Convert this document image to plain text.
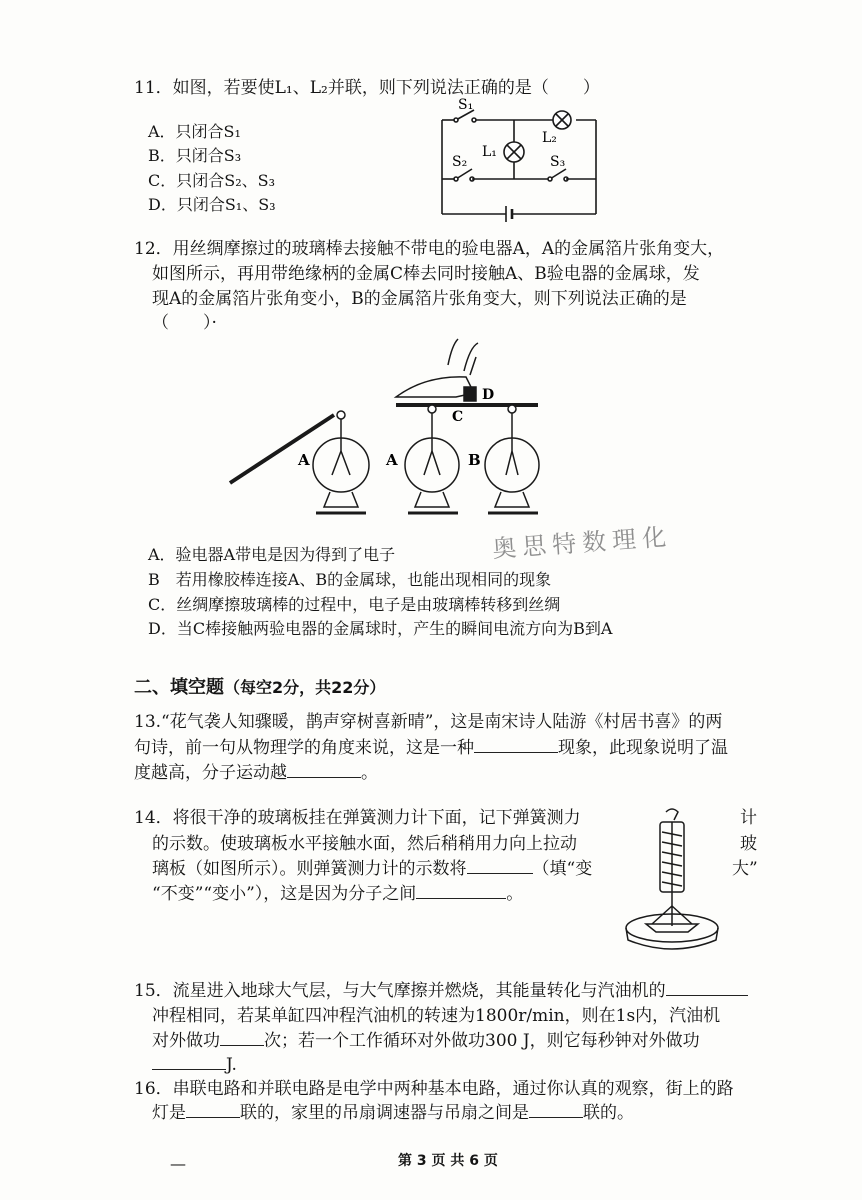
11．如图，若要使L₁、L₂并联，则下列说法正确的是（　　）
A．只闭合S₁
B．只闭合S₃
C．只闭合S₂、S₃
D．只闭合S₁、S₃
S₁
S₂	S₃
L₁
L₂
12．用丝绸摩擦过的玻璃棒去接触不带电的验电器A，A的金属箔片张角变大，
如图所示，再用带绝缘柄的金属C棒去同时接触A、B验电器的金属球，发
现A的金属箔片张角变小，B的金属箔片张角变大，则下列说法正确的是
（　　）·
A	A	B
C
D
奥思特数理化
A．验电器A带电是因为得到了电子
B　若用橡胶棒连接A、B的金属球，也能出现相同的现象
C．丝绸摩擦玻璃棒的过程中，电子是由玻璃棒转移到丝绸
D．当C棒接触两验电器的金属球时，产生的瞬间电流方向为B到A
二、填空题（每空2分，共22分）
13.“花气袭人知骤暖，鹊声穿树喜新晴”，这是南宋诗人陆游《村居书喜》的两
句诗，前一句从物理学的角度来说，这是一种	现象，此现象说明了温
度越高，分子运动越	。
14．将很干净的玻璃板挂在弹簧测力计下面，记下弹簧测力	计
的示数。使玻璃板水平接触水面，然后稍稍用力向上拉动	玻
璃板（如图所示）。则弹簧测力计的示数将	（填“变	大”
“不变”“变小”），这是因为分子之间	。
15．流星进入地球大气层，与大气摩擦并燃烧，其能量转化与汽油机的
冲程相同，若某单缸四冲程汽油机的转速为1800r/min，则在1s内，汽油机
对外做功	次；若一个工作循环对外做功300 J，则它每秒钟对外做功
J.
16．串联电路和并联电路是电学中两种基本电路，通过你认真的观察，街上的路
灯是	联的，家里的吊扇调速器与吊扇之间是	联的。
—	第 3 页 共 6 页
